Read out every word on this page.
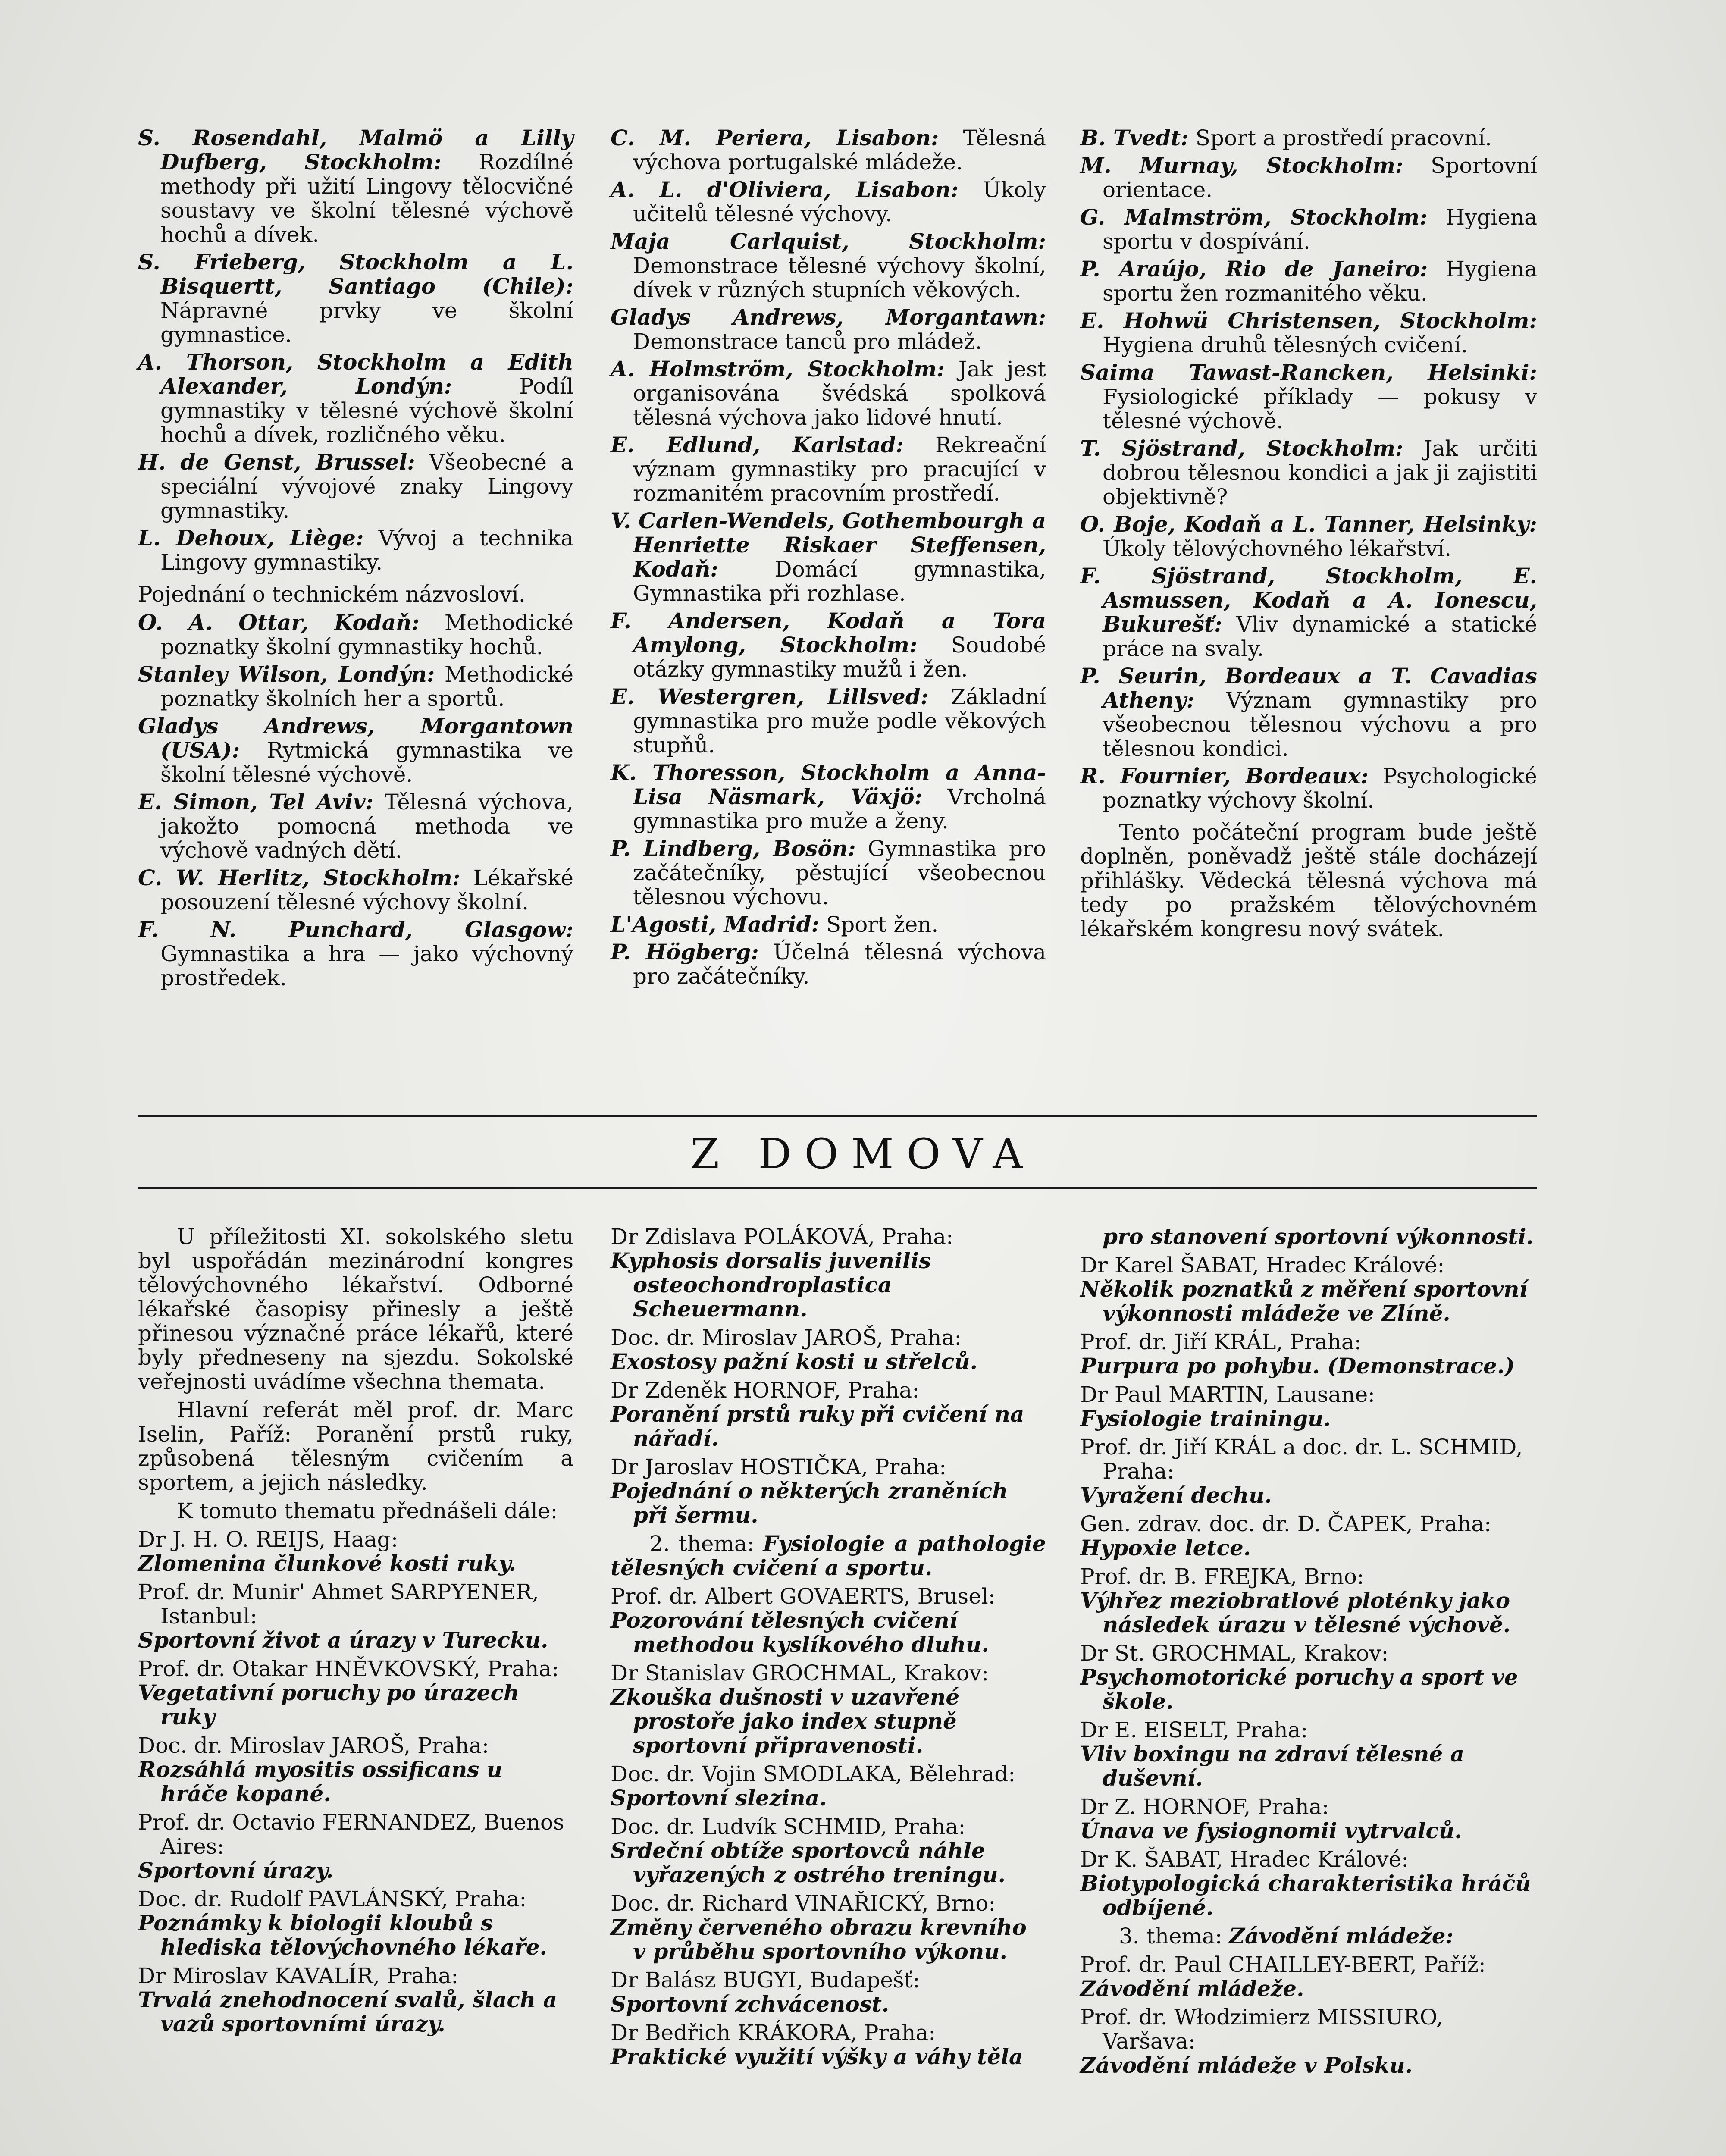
S. Rosendahl, Malmö a Lilly Dufberg, Stockholm: Rozdílné methody při užití Lingovy tělocvičné soustavy ve školní tělesné výchově hochů a dívek.

S. Frieberg, Stockholm a L. Bisquertt, Santiago (Chile): Nápravné prvky ve školní gymnastice.

A. Thorson, Stockholm a Edith Alexander, Londýn:	Podíl gymnastiky v tělesné výchově školní hochů a dívek, rozličného věku.

H. de Genst, Brussel: Všeobecné a speciální vývojové znaky Lingovy gymnastiky.

L. Dehoux, Liège: Vývoj a technika Lingovy gymnastiky.

Pojednání o technickém názvosloví.

O. A. Ottar, Kodaň: Methodické poznatky školní gymnastiky hochů.

Stanley Wilson, Londýn: Methodické poznatky školních her a sportů.

Gladys Andrews, Morgantown (USA): Rytmická gymnastika ve školní tělesné výchově.

E. Simon, Tel Aviv: Tělesná výchova, jakožto pomocná methoda ve výchově vadných dětí.

C. W. Herlitz, Stockholm: Lékařské posouzení tělesné výchovy školní.

F. N. Punchard, Glasgow: Gymnastika a hra — jako výchovný prostředek.

C. M. Periera, Lisabon: Tělesná výchova portugalské mládeže.

A. L. d'Oliviera, Lisabon: Úkoly učitelů tělesné výchovy.

Maja Carlquist, Stockholm: Demonstrace tělesné výchovy školní, dívek v různých stupních věkových.

Gladys Andrews, Morgantawn: Demonstrace tanců pro mládež.

A. Holmström, Stockholm: Jak jest organisována švédská spolková tělesná výchova jako lidové hnutí.

E. Edlund, Karlstad: Rekreační význam gymnastiky pro pracující v rozmanitém pracovním prostředí.

V. Carlen-Wendels, Gothembourgh a Henriette Riskaer Steffensen, Kodaň:	Domácí gymnastika, Gymnastika při rozhlase.

F. Andersen, Kodaň a Tora Amylong, Stockholm: Soudobé otázky gymnastiky mužů i žen.

E. Westergren, Lillsved: Základní gymnastika pro muže podle věkových stupňů.

K. Thoresson, Stockholm a Anna-Lisa Näsmark, Växjö: Vrcholná gymnastika pro muže a ženy.

P. Lindberg, Bosön: Gymnastika pro začátečníky, pěstující všeobecnou tělesnou výchovu.

L'Agosti, Madrid: Sport žen.

P. Högberg: Účelná tělesná výchova pro začátečníky.

B. Tvedt: Sport a prostředí pracovní.

M. Murnay, Stockholm: Sportovní orientace.

G. Malmström, Stockholm: Hygiena sportu v dospívání.

P. Araújo, Rio de Janeiro: Hygiena sportu žen rozmanitého věku.

E. Hohwü Christensen, Stockholm: Hygiena druhů tělesných cvičení.

Saima Tawast-Rancken, Helsinki: Fysiologické příklady — pokusy v tělesné výchově.

T. Sjöstrand, Stockholm: Jak určiti dobrou tělesnou kondici a jak ji zajistiti objektivně?

O. Boje, Kodaň a L. Tanner, Helsinky: Úkoly tělovýchovného lékařství.

F. Sjöstrand, Stockholm, E. Asmussen, Kodaň a A. Ionescu, Bukurešť: Vliv dynamické a statické práce na svaly.

P. Seurin, Bordeaux a T. Cavadias Atheny: Význam gymnastiky pro všeobecnou tělesnou výchovu a pro tělesnou kondici.

R. Fournier, Bordeaux: Psychologické poznatky výchovy školní.

Tento počáteční program bude ještě doplněn, poněvadž ještě stále docházejí přihlášky. Vědecká tělesná výchova má tedy po pražském tělovýchovném lékařském kongresu nový svátek.

Z DOMOVA

U příležitosti XI. sokolského sletu byl uspořádán mezinárodní kongres tělovýchovného lékařství. Odborné lékařské časopisy přinesly a ještě přinesou význačné práce lékařů, které byly předneseny na sjezdu. Sokolské veřejnosti uvádíme všechna themata.

Hlavní referát měl prof. dr. Marc Iselin, Paříž: Poranění prstů ruky, způsobená tělesným cvičením a sportem, a jejich následky.

K tomuto thematu přednášeli dále:

Dr J. H. O. REIJS, Haag:
Zlomenina člunkové kosti ruky.
Prof. dr. Munir' Ahmet SARPYENER, Istanbul:
Sportovní život a úrazy v Turecku.
Prof. dr. Otakar HNĚVKOVSKÝ, Praha:
Vegetativní poruchy po úrazech ruky
Doc. dr. Miroslav JAROŠ, Praha:
Rozsáhlá myositis ossificans u hráče kopané.
Prof. dr. Octavio FERNANDEZ, Buenos Aires:
Sportovní úrazy.
Doc. dr. Rudolf PAVLÁNSKÝ, Praha:
Poznámky k biologii kloubů s hlediska tělovýchovného lékaře.
Dr Miroslav KAVALÍR, Praha:
Trvalá znehodnocení svalů, šlach a vazů sportovními úrazy.
Dr Zdislava POLÁKOVÁ, Praha:
Kyphosis dorsalis juvenilis osteochondroplastica Scheuermann.
Doc. dr. Miroslav JAROŠ, Praha:
Exostosy pažní kosti u střelců.
Dr Zdeněk HORNOF, Praha:
Poranění prstů ruky při cvičení na nářadí.
Dr Jaroslav HOSTIČKA, Praha:
Pojednání o některých zraněních při šermu.

2. thema: Fysiologie a pathologie tělesných cvičení a sportu.

Prof. dr. Albert GOVAERTS, Brusel:
Pozorování tělesných cvičení methodou kyslíkového dluhu.
Dr Stanislav GROCHMAL, Krakov:
Zkouška dušnosti v uzavřené prostoře jako index stupně sportovní připravenosti.
Doc. dr. Vojin SMODLAKA, Bělehrad:
Sportovní slezina.
Doc. dr. Ludvík SCHMID, Praha:
Srdeční obtíže sportovců náhle vyřazených z ostrého treningu.
Doc. dr. Richard VINAŘICKÝ, Brno:
Změny červeného obrazu krevního v průběhu sportovního výkonu.
Dr Balász BUGYI, Budapešť:
Sportovní zchvácenost.
Dr Bedřich KRÁKORA, Praha:
Praktické využití výšky a váhy těla
pro stanovení sportovní výkonnosti.
Dr Karel ŠABAT, Hradec Králové:
Několik poznatků z měření sportovní výkonnosti mládeže ve Zlíně.
Prof. dr. Jiří KRÁL, Praha:
Purpura po pohybu. (Demonstrace.)
Dr Paul MARTIN, Lausane:
Fysiologie trainingu.
Prof. dr. Jiří KRÁL a doc. dr. L. SCHMID, Praha:
Vyražení dechu.
Gen. zdrav. doc. dr. D. ČAPEK, Praha:
Hypoxie letce.
Prof. dr. B. FREJKA, Brno:
Výhřez meziobratlové ploténky jako následek úrazu v tělesné výchově.
Dr St. GROCHMAL, Krakov:
Psychomotorické poruchy a sport ve škole.
Dr E. EISELT, Praha:
Vliv boxingu na zdraví tělesné a duševní.
Dr Z. HORNOF, Praha:
Únava ve fysiognomii vytrvalců.
Dr K. ŠABAT, Hradec Králové:
Biotypologická charakteristika hráčů odbíjené.

3. thema: Závodění mládeže:

Prof. dr. Paul CHAILLEY-BERT, Paříž:
Závodění mládeže.
Prof. dr. Włodzimierz MISSIURO, Varšava:
Závodění mládeže v Polsku.
